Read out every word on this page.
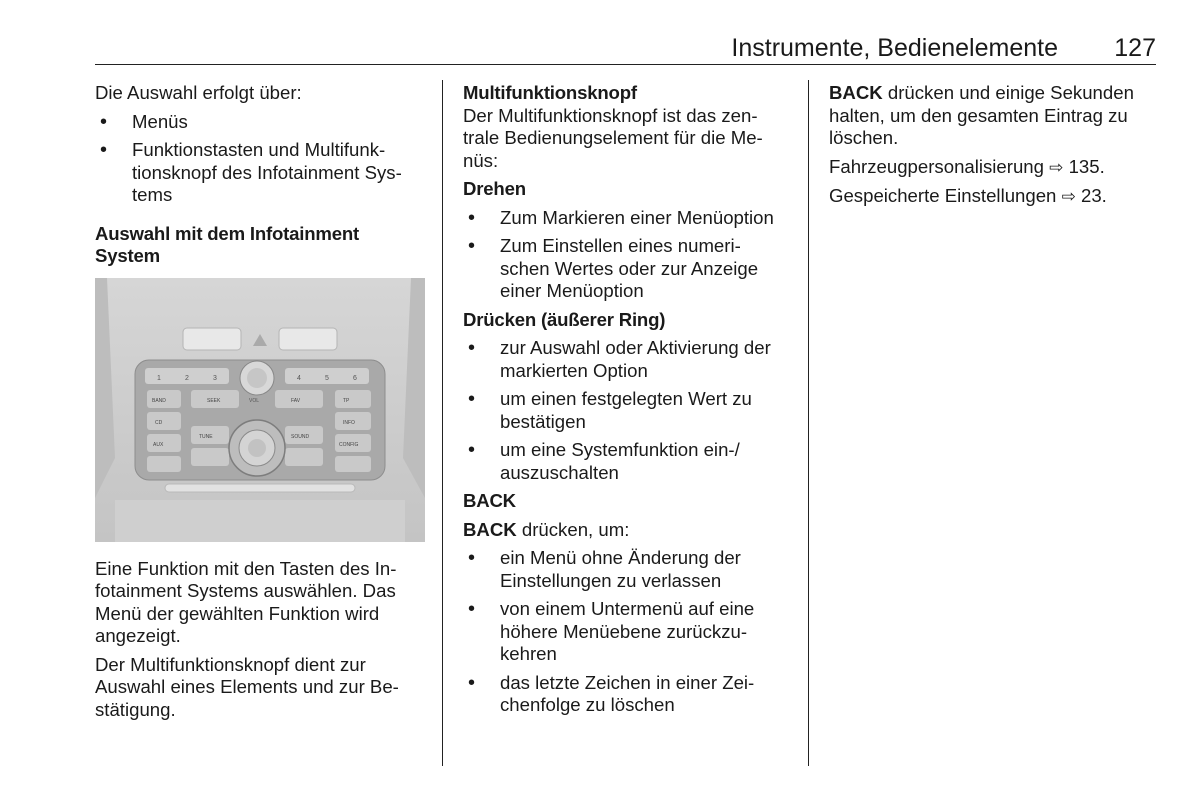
Instrumente, Bedienelemente 127

Die Auswahl erfolgt über:

• Menüs
• Funktionstasten und Multifunk-
tionsknopf des Infotainment Sys-
tems
Auswahl mit dem Infotainment
System
1	2	3	4	5	6
VOL
BAND
CD
AUX
SEEK
TUNE
FAV
SOUND
TP
INFO
CONFIG

Eine Funktion mit den Tasten des In-
fotainment Systems auswählen. Das
Menü der gewählten Funktion wird
angezeigt.

Der Multifunktionsknopf dient zur
Auswahl eines Elements und zur Be-
stätigung.

Multifunktionsknopf

Der Multifunktionsknopf ist das zen-
trale Bedienungselement für die Me-
nüs:

Drehen
• Zum Markieren einer Menüoption
• Zum Einstellen eines numeri-
schen Wertes oder zur Anzeige
einer Menüoption
Drücken (äußerer Ring)
• zur Auswahl oder Aktivierung der
markierten Option
• um einen festgelegten Wert zu
bestätigen
• um eine Systemfunktion ein-/
auszuschalten
BACK

BACK drücken, um:

• ein Menü ohne Änderung der
Einstellungen zu verlassen
• von einem Untermenü auf eine
höhere Menüebene zurückzu-
kehren
• das letzte Zeichen in einer Zei-
chenfolge zu löschen

BACK drücken und einige Sekunden
halten, um den gesamten Eintrag zu
löschen.

Fahrzeugpersonalisierung ⇨ 135.

Gespeicherte Einstellungen ⇨ 23.
